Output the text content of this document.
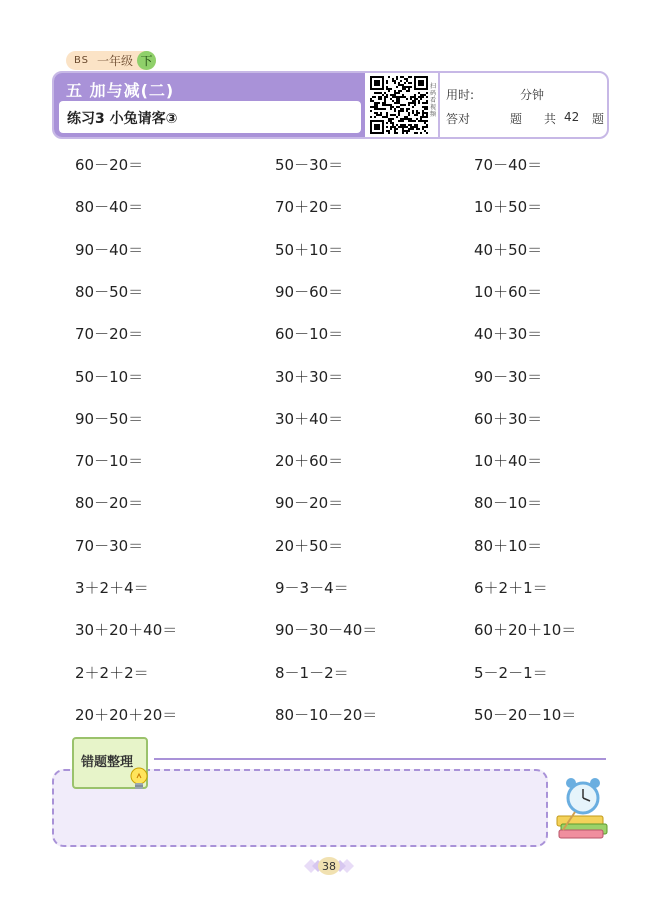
BS 一年级 下
五 加与减(二)
练习3 小兔请客③
扫码看视频
用时:	分钟
答对	题 共 42 题
60－20＝	50－30＝	70－40＝
80－40＝	70＋20＝	10＋50＝
90－40＝	50＋10＝	40＋50＝
80－50＝	90－60＝	10＋60＝
70－20＝	60－10＝	40＋30＝
50－10＝	30＋30＝	90－30＝
90－50＝	30＋40＝	60＋30＝
70－10＝	20＋60＝	10＋40＝
80－20＝	90－20＝	80－10＝
70－30＝	20＋50＝	80＋10＝
3＋2＋4＝	9－3－4＝	6＋2＋1＝
30＋20＋40＝	90－30－40＝	60＋20＋10＝
2＋2＋2＝	8－1－2＝	5－2－1＝
20＋20＋20＝	80－10－20＝	50－20－10＝
错题整理
38
